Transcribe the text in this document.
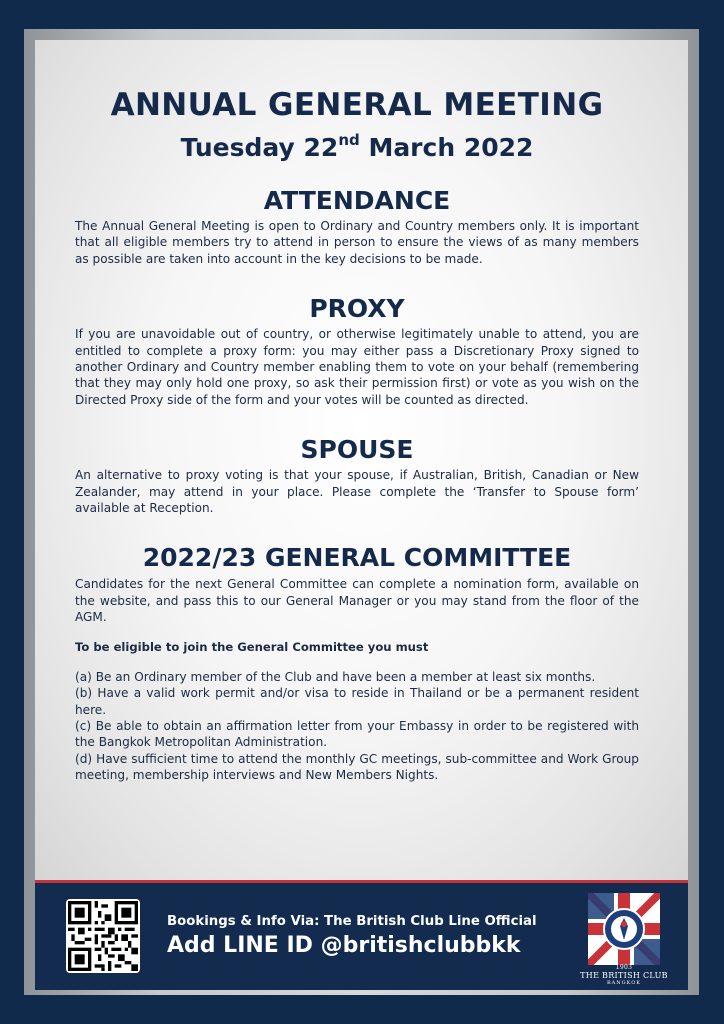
ANNUAL GENERAL MEETING

Tuesday 22nd March 2022

ATTENDANCE

The Annual General Meeting is open to Ordinary and Country members only. It is important that all eligible members try to attend in person to ensure the views of as many members as possible are taken into account in the key decisions to be made.

PROXY

If you are unavoidable out of country, or otherwise legitimately unable to attend, you are entitled to complete a proxy form: you may either pass a Discretionary Proxy signed to another Ordinary and Country member enabling them to vote on your behalf (remembering that they may only hold one proxy, so ask their permission first) or vote as you wish on the Directed Proxy side of the form and your votes will be counted as directed.

SPOUSE

An alternative to proxy voting is that your spouse, if Australian, British, Canadian or New Zealander, may attend in your place. Please complete the ‘Transfer to Spouse form’ available at Reception.

2022/23 GENERAL COMMITTEE

Candidates for the next General Committee can complete a nomination form, available on the website, and pass this to our General Manager or you may stand from the floor of the AGM.

To be eligible to join the General Committee you must

(a) Be an Ordinary member of the Club and have been a member at least six months.

(b) Have a valid work permit and/or visa to reside in Thailand or be a permanent resident here.

(c) Be able to obtain an affirmation letter from your Embassy in order to be registered with the Bangkok Metropolitan Administration.

(d) Have sufficient time to attend the monthly GC meetings, sub-committee and Work Group meeting, membership interviews and New Members Nights.

Bookings & Info Via: The British Club Line Official
Add LINE ID @britishclubbkk
1903
THE BRITISH CLUB
BANGKOK
